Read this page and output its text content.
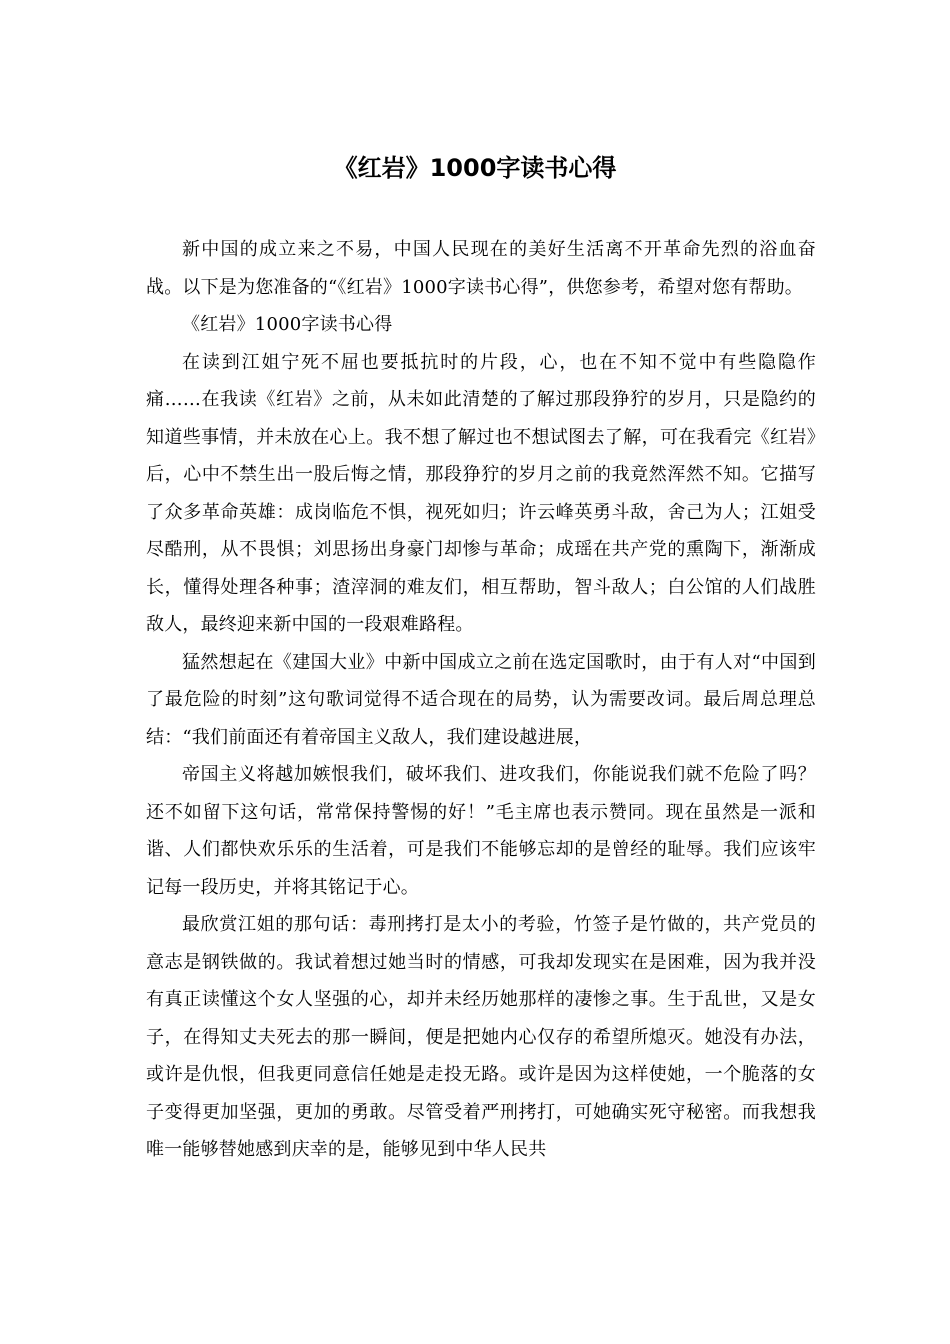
《红岩》1000字读书心得

新中国的成立来之不易，中国人民现在的美好生活离不开革命先烈的浴血奋战。以下是为您准备的“《红岩》1000字读书心得”，供您参考，希望对您有帮助。

《红岩》1000字读书心得

在读到江姐宁死不屈也要抵抗时的片段，心，也在不知不觉中有些隐隐作痛……在我读《红岩》之前，从未如此清楚的了解过那段狰狞的岁月，只是隐约的知道些事情，并未放在心上。我不想了解过也不想试图去了解，可在我看完《红岩》后，心中不禁生出一股后悔之情，那段狰狞的岁月之前的我竟然浑然不知。它描写了众多革命英雄：成岗临危不惧，视死如归；许云峰英勇斗敌，舍己为人；江姐受尽酷刑，从不畏惧；刘思扬出身豪门却惨与革命；成瑶在共产党的熏陶下，渐渐成长，懂得处理各种事；渣滓洞的难友们，相互帮助，智斗敌人；白公馆的人们战胜敌人，最终迎来新中国的一段艰难路程。

猛然想起在《建国大业》中新中国成立之前在选定国歌时，由于有人对“中国到了最危险的时刻”这句歌词觉得不适合现在的局势，认为需要改词。最后周总理总结：“我们前面还有着帝国主义敌人，我们建设越进展，

帝国主义将越加嫉恨我们，破坏我们、进攻我们，你能说我们就不危险了吗？还不如留下这句话，常常保持警惕的好！”毛主席也表示赞同。现在虽然是一派和谐、人们都快欢乐乐的生活着，可是我们不能够忘却的是曾经的耻辱。我们应该牢记每一段历史，并将其铭记于心。

最欣赏江姐的那句话：毒刑拷打是太小的考验，竹签子是竹做的，共产党员的意志是钢铁做的。我试着想过她当时的情感，可我却发现实在是困难，因为我并没有真正读懂这个女人坚强的心，却并未经历她那样的凄惨之事。生于乱世，又是女子，在得知丈夫死去的那一瞬间，便是把她内心仅存的希望所熄灭。她没有办法，或许是仇恨，但我更同意信任她是走投无路。或许是因为这样使她，一个脆落的女子变得更加坚强，更加的勇敢。尽管受着严刑拷打，可她确实死守秘密。而我想我唯一能够替她感到庆幸的是，能够见到中华人民共
